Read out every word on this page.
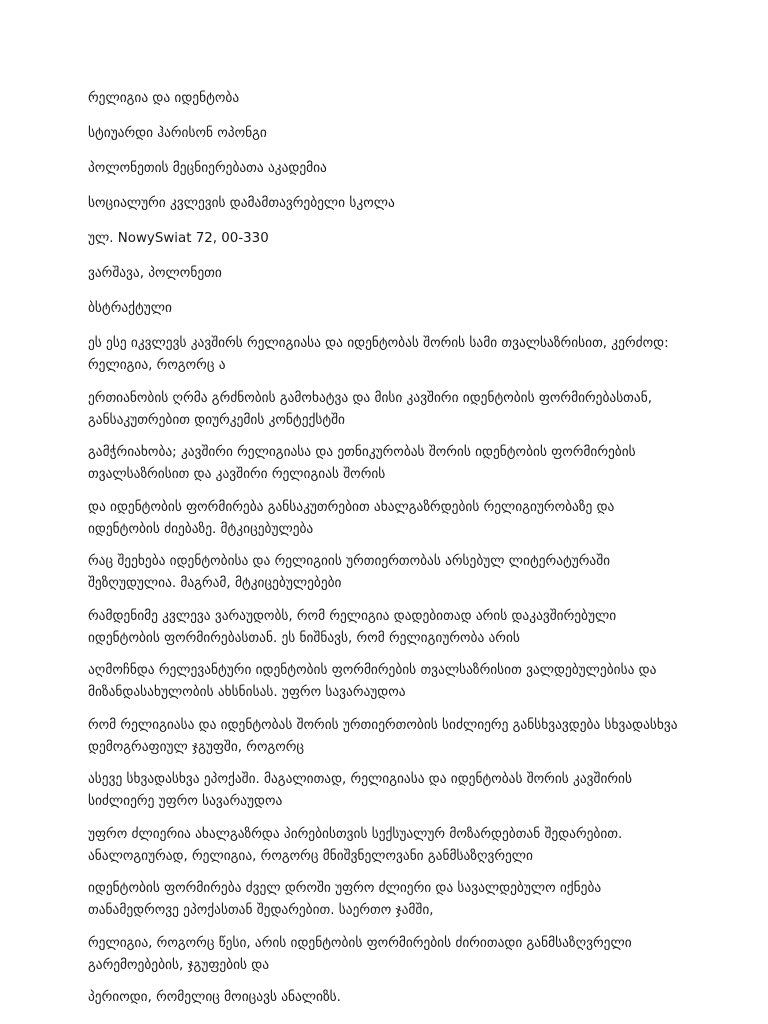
რელიგია და იდენტობა

სტიუარდი ჰარისონ ოპონგი

პოლონეთის მეცნიერებათა აკადემია

სოციალური კვლევის დამამთავრებელი სკოლა

ულ. NowySwiat 72, 00-330

ვარშავა, პოლონეთი

ბსტრაქტული

ეს ესე იკვლევს კავშირს რელიგიასა და იდენტობას შორის სამი თვალსაზრისით, კერძოდ: რელიგია, როგორც ა

ერთიანობის ღრმა გრძნობის გამოხატვა და მისი კავშირი იდენტობის ფორმირებასთან, განსაკუთრებით დიურკემის კონტექსტში

გამჭრიახობა; კავშირი რელიგიასა და ეთნიკურობას შორის იდენტობის ფორმირების თვალსაზრისით და კავშირი რელიგიას შორის

და იდენტობის ფორმირება განსაკუთრებით ახალგაზრდების რელიგიურობაზე და იდენტობის ძიებაზე. მტკიცებულება

რაც შეეხება იდენტობისა და რელიგიის ურთიერთობას არსებულ ლიტერატურაში შეზღუდულია. მაგრამ, მტკიცებულებები

რამდენიმე კვლევა ვარაუდობს, რომ რელიგია დადებითად არის დაკავშირებული იდენტობის ფორმირებასთან. ეს ნიშნავს, რომ რელიგიურობა არის

აღმოჩნდა რელევანტური იდენტობის ფორმირების თვალსაზრისით ვალდებულებისა და მიზანდასახულობის ახსნისას. უფრო სავარაუდოა

რომ რელიგიასა და იდენტობას შორის ურთიერთობის სიძლიერე განსხვავდება სხვადასხვა დემოგრაფიულ ჯგუფში, როგორც

ასევე სხვადასხვა ეპოქაში. მაგალითად, რელიგიასა და იდენტობას შორის კავშირის სიძლიერე უფრო სავარაუდოა

უფრო ძლიერია ახალგაზრდა პირებისთვის სექსუალურ მოზარდებთან შედარებით. ანალოგიურად, რელიგია, როგორც მნიშვნელოვანი განმსაზღვრელი

იდენტობის ფორმირება ძველ დროში უფრო ძლიერი და სავალდებულო იქნება თანამედროვე ეპოქასთან შედარებით. საერთო ჯამში,

რელიგია, როგორც წესი, არის იდენტობის ფორმირების ძირითადი განმსაზღვრელი გარემოებების, ჯგუფების და

პერიოდი, რომელიც მოიცავს ანალიზს.
